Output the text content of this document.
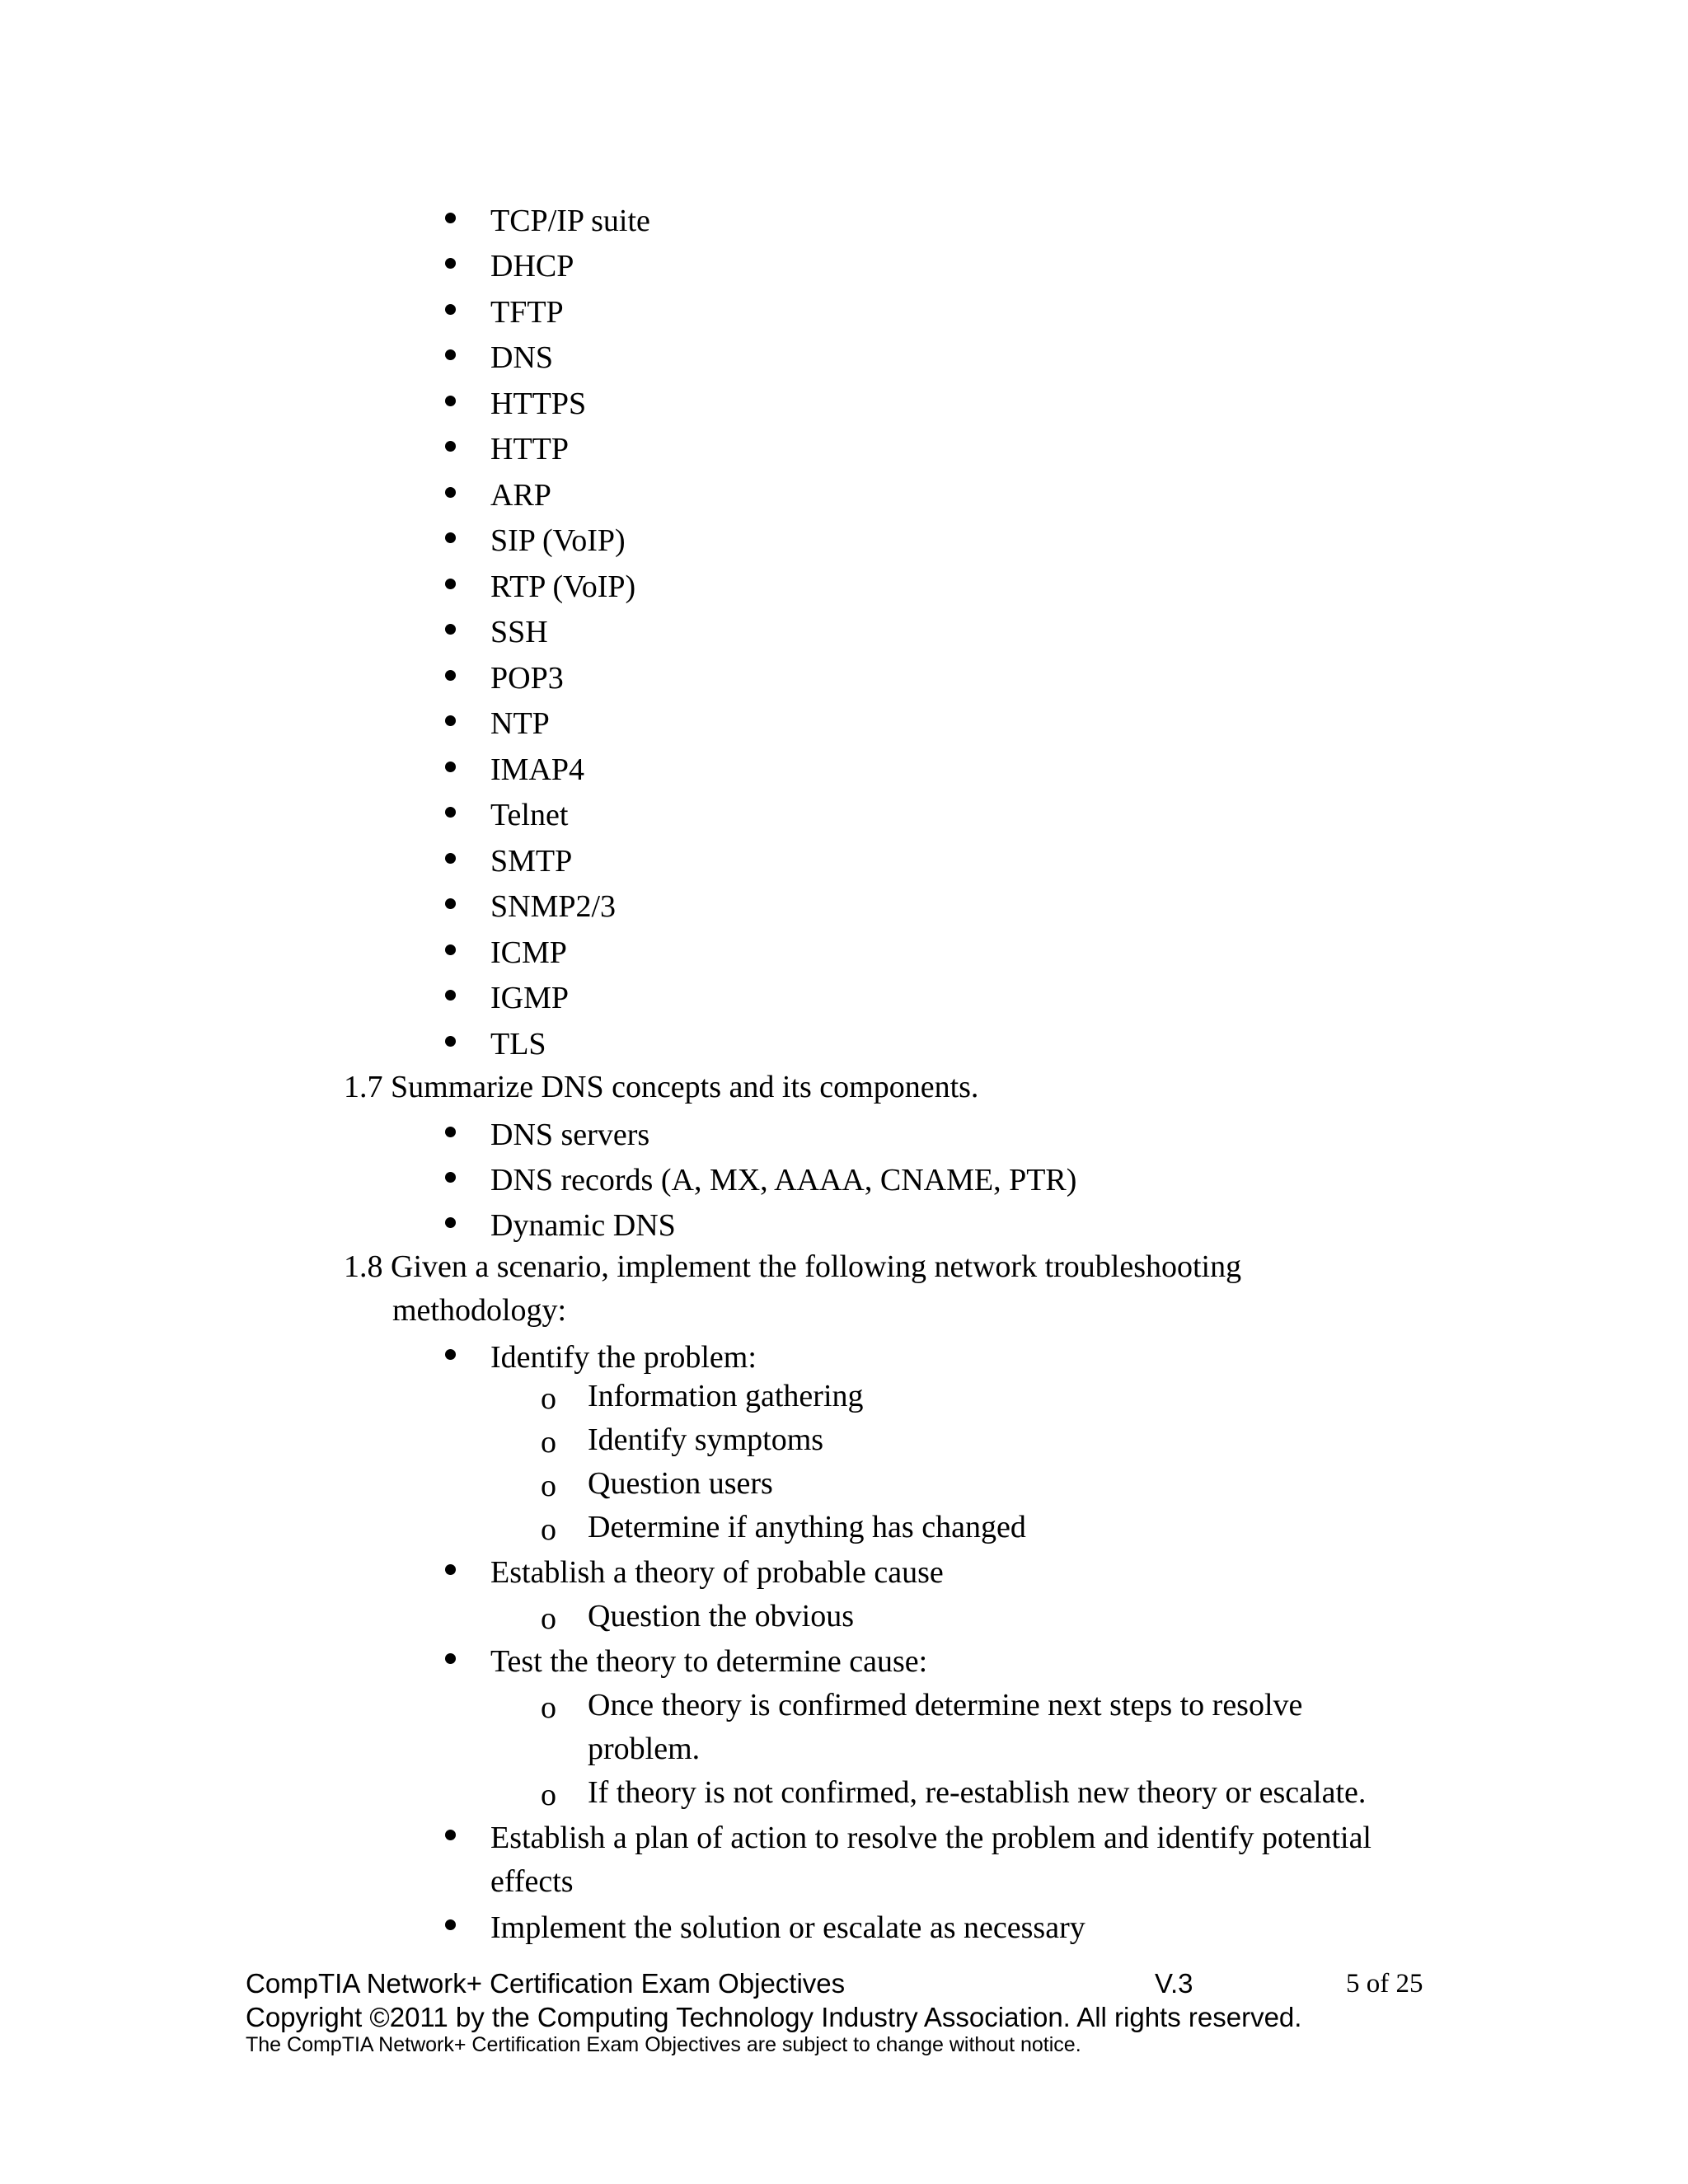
TCP/IP suite
DHCP
TFTP
DNS
HTTPS
HTTP
ARP
SIP (VoIP)
RTP (VoIP)
SSH
POP3
NTP
IMAP4
Telnet
SMTP
SNMP2/3
ICMP
IGMP
TLS
1.7 Summarize DNS concepts and its components.
DNS servers
DNS records (A, MX, AAAA, CNAME, PTR)
Dynamic DNS
1.8 Given a scenario, implement the following network troubleshooting
methodology:
Identify the problem:
o Information gathering
o Identify symptoms
o Question users
o Determine if anything has changed
Establish a theory of probable cause
o Question the obvious
Test the theory to determine cause:
o Once theory is confirmed determine next steps to resolve
problem.
o If theory is not confirmed, re-establish new theory or escalate.
Establish a plan of action to resolve the problem and identify potential
effects
Implement the solution or escalate as necessary
CompTIA Network+ Certification Exam Objectives	V.3	5 of 25
Copyright ©2011 by the Computing Technology Industry Association. All rights reserved.
The CompTIA Network+ Certification Exam Objectives are subject to change without notice.
